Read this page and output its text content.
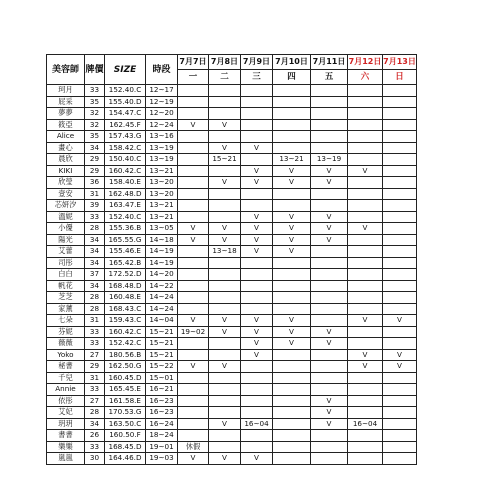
美容師	牌價	SIZE	時段	7月7日	7月8日	7月9日	7月10日	7月11日	7月12日	7月13日
				一	二	三	四	五	六	日
珂月	33	152.40.C	12~17							
屁采	35	155.40.D	12~19							
夢夢	32	154.47.C	12~20							
筱亞	32	162.45.F	12~24	V	V					
Alice	35	157.43.G	13~16							
畫心	34	158.42.C	13~19		V	V				
晨欣	29	150.40.C	13~19		15~21		13~21	13~19		
KIKI	29	160.42.C	13~21			V	V	V	V	
欣瑩	36	158.40.E	13~20		V	V	V	V		
壹安	31	162.48.D	13~20							
芯妍汐	39	163.47.E	13~21							
溫妮	33	152.40.C	13~21			V	V	V		
小優	28	155.36.B	13~05	V	V	V	V	V	V	
陽光	34	165.55.G	14~18	V	V	V	V	V		
艾蕾	34	155.46.E	14~19		13~18	V	V			
司彤	34	165.42.B	14~19							
白白	37	172.52.D	14~20							
帆花	34	168.48.D	14~22							
芝芝	28	160.48.E	14~24							
家薰	28	168.43.C	14~24							
七朵	31	159.43.C	14~04	V	V	V	V		V	V
芬妮	33	160.42.C	15~21	19~02	V	V	V	V		
薇薇	33	152.42.C	15~21			V	V	V		
Yoko	27	180.56.B	15~21			V			V	V
秘書	29	162.50.G	15~22	V	V				V	V
千兒	31	160.45.D	15~01							
Annie	33	165.45.E	16~21							
依彤	27	161.58.E	16~23					V		
艾妃	28	170.53.G	16~23					V		
玥玥	34	163.50.C	16~24		V	16~04		V	16~04	
書書	26	160.50.F	18~24							
樂樂	33	168.45.D	19~01	休假						
嵐嵐	30	164.46.D	19~03	V	V	V				
